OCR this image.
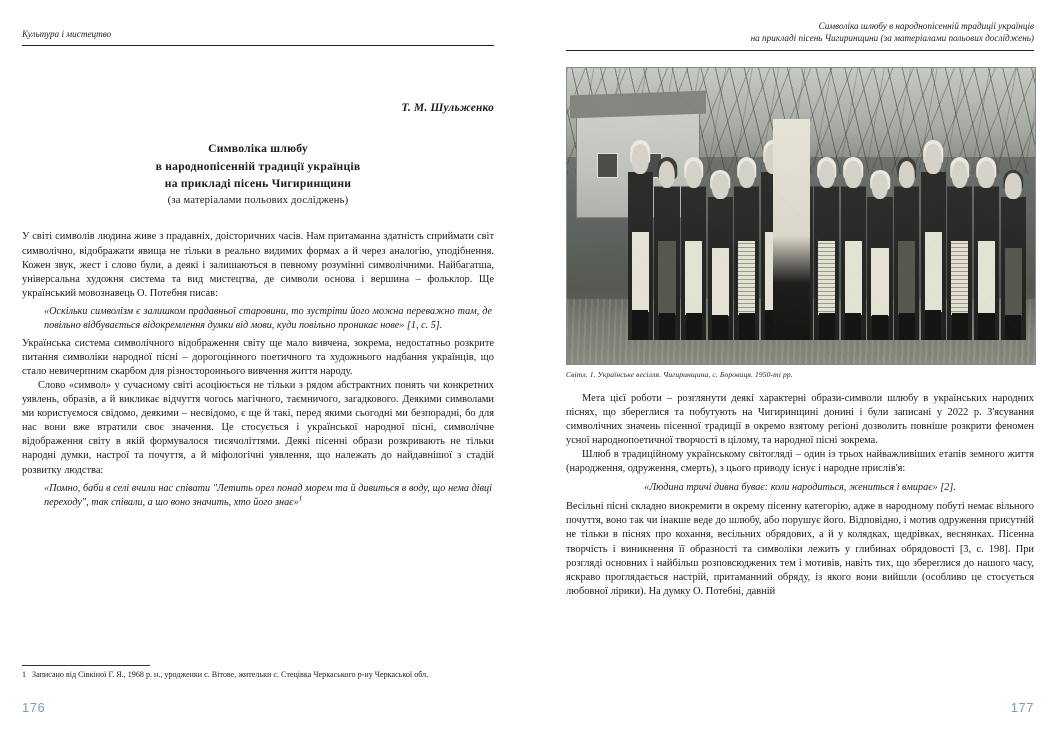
Культура і мистецтво
Т. М. Шульженко
Символіка шлюбу
в народнопісенній традиції українців
на прикладі пісень Чигиринщини
(за матеріалами польових досліджень)

У світі символів людина живе з прадавніх, доісторичних часів. Нам притаманна здатність сприймати світ символічно, відображати явища не тільки в реально видимих формах а й через аналогію, уподібнення. Кожен звук, жест і слово були, а деякі і залишаються в певному розумінні символічними. Найбагатша, універсальна художня система та вид мистецтва, де символи основа і вершина – фольклор. Ще український мовознавець О. Потебня писав:

«Оскільки символізм є залишком прадавньої старовини, то зустріти його можна переважно там, де повільно відбувається відокремлення думки від мови, куди повільно проникає нове» [1, с. 5].

Українська система символічного відображення світу ще мало вивчена, зокрема, недостатньо розкрите питання символіки народної пісні – дорогоцінного поетичного та художнього надбання українців, що стало невичерпним скарбом для різностороннього вивчення життя народу.

Слово «символ» у сучасному світі асоціюється не тільки з рядом абстрактних понять чи конкретних уявлень, образів, а й викликає відчуття чогось магічного, таємничого, загадкового. Деякими символами ми користуємося свідомо, деякими – несвідомо, є ще й такі, перед якими сьогодні ми безпорадні, бо для нас вони вже втратили своє значення. Це стосується і української народної пісні, символічне відображення світу в якій формувалося тисячоліттями. Деякі пісенні образи розкривають не тільки народні думки, настрої та почуття, а й міфологічні уявлення, що належать до найдавнішої з стадій розвитку людства:

«Помно, баби в селі вчили нас співати "Летить орел понад морем та й дивиться в воду, що нема дівці переходу", так співали, а шо воно значить, хто його знає»$^1$

1 Записано від Сівкіної Г. Я., 1968 р. н., уродженки с. Вітове, жительки с. Стецівка Черкаського р-ну Черкаської обл.
176
Символіка шлюбу в народнопісенній традиції українців
на прикладі пісень Чигиринщини (за матеріалами польових досліджень)
Світл. 1. Українське весілля. Чигиринщина, с. Боровиця. 1950-ті рр.

Мета цієї роботи – розглянути деякі характерні образи-символи шлюбу в українських народних піснях, що збереглися та побутують на Чигиринщині донині і були записані у 2022 р. З'ясування символічних значень пісенної традиції в окремо взятому регіоні дозволить повніше розкрити феномен усної народнопоетичної творчості в цілому, та народної пісні зокрема.

Шлюб в традиційному українському світогляді – один із трьох найважливіших етапів земного життя (народження, одруження, смерть), з цього приводу існує і народне прислів'я:

«Людина тричі дивна буває: коли народиться, жениться і вмирає» [2].

Весільні пісні складно виокремити в окрему пісенну категорію, адже в народному побуті немає вільного почуття, воно так чи інакше веде до шлюбу, або порушує його. Відповідно, і мотив одруження присутній не тільки в піснях про кохання, весільних обрядових, а й у колядках, щедрівках, веснянках. Пісенна творчість і виникнення її образності та символіки лежить у глибинах обрядовості [3, с. 198]. При розгляді основних і найбільш розповсюджених тем і мотивів, навіть тих, що збереглися до нашого часу, яскраво проглядається настрій, притаманний обряду, із якого вони вийшли (особливо це стосується любовної лірики). На думку О. Потебні, давній

177
